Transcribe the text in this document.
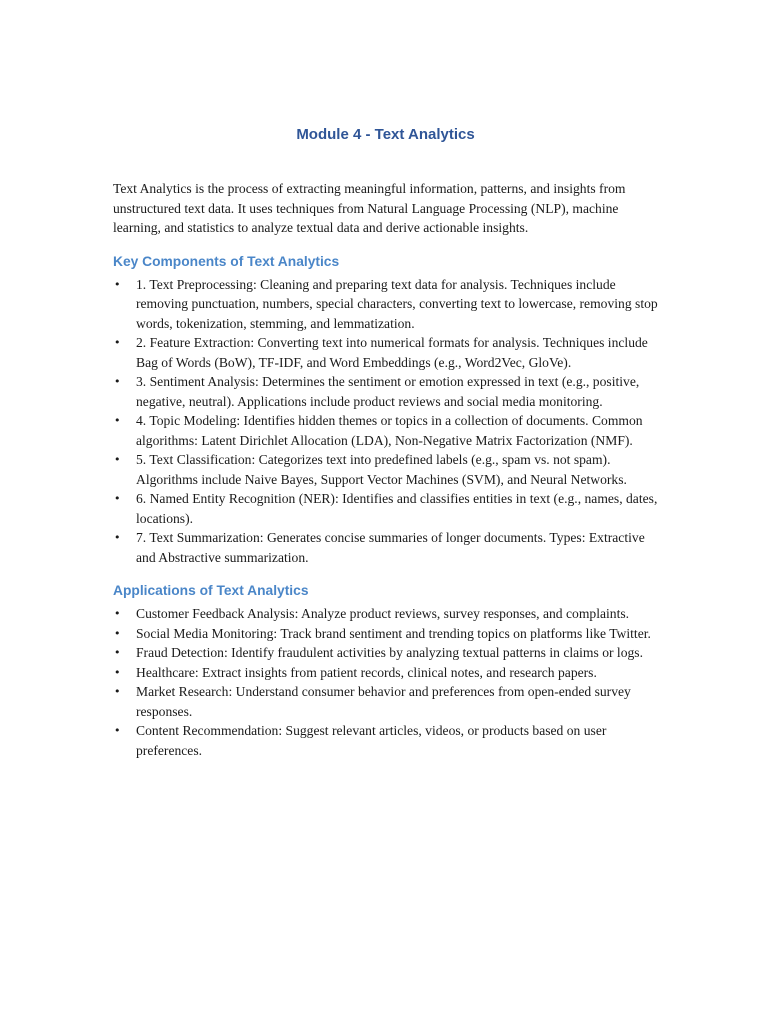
Module 4 - Text Analytics

Text Analytics is the process of extracting meaningful information, patterns, and insights from unstructured text data. It uses techniques from Natural Language Processing (NLP), machine learning, and statistics to analyze textual data and derive actionable insights.

Key Components of Text Analytics
• 1. Text Preprocessing: Cleaning and preparing text data for analysis. Techniques include removing punctuation, numbers, special characters, converting text to lowercase, removing stop words, tokenization, stemming, and lemmatization.
• 2. Feature Extraction: Converting text into numerical formats for analysis. Techniques include Bag of Words (BoW), TF-IDF, and Word Embeddings (e.g., Word2Vec, GloVe).
• 3. Sentiment Analysis: Determines the sentiment or emotion expressed in text (e.g., positive, negative, neutral). Applications include product reviews and social media monitoring.
• 4. Topic Modeling: Identifies hidden themes or topics in a collection of documents. Common algorithms: Latent Dirichlet Allocation (LDA), Non-Negative Matrix Factorization (NMF).
• 5. Text Classification: Categorizes text into predefined labels (e.g., spam vs. not spam). Algorithms include Naive Bayes, Support Vector Machines (SVM), and Neural Networks.
• 6. Named Entity Recognition (NER): Identifies and classifies entities in text (e.g., names, dates, locations).
• 7. Text Summarization: Generates concise summaries of longer documents. Types: Extractive and Abstractive summarization.
Applications of Text Analytics
• Customer Feedback Analysis: Analyze product reviews, survey responses, and complaints.
• Social Media Monitoring: Track brand sentiment and trending topics on platforms like Twitter.
• Fraud Detection: Identify fraudulent activities by analyzing textual patterns in claims or logs.
• Healthcare: Extract insights from patient records, clinical notes, and research papers.
• Market Research: Understand consumer behavior and preferences from open-ended survey responses.
• Content Recommendation: Suggest relevant articles, videos, or products based on user preferences.
